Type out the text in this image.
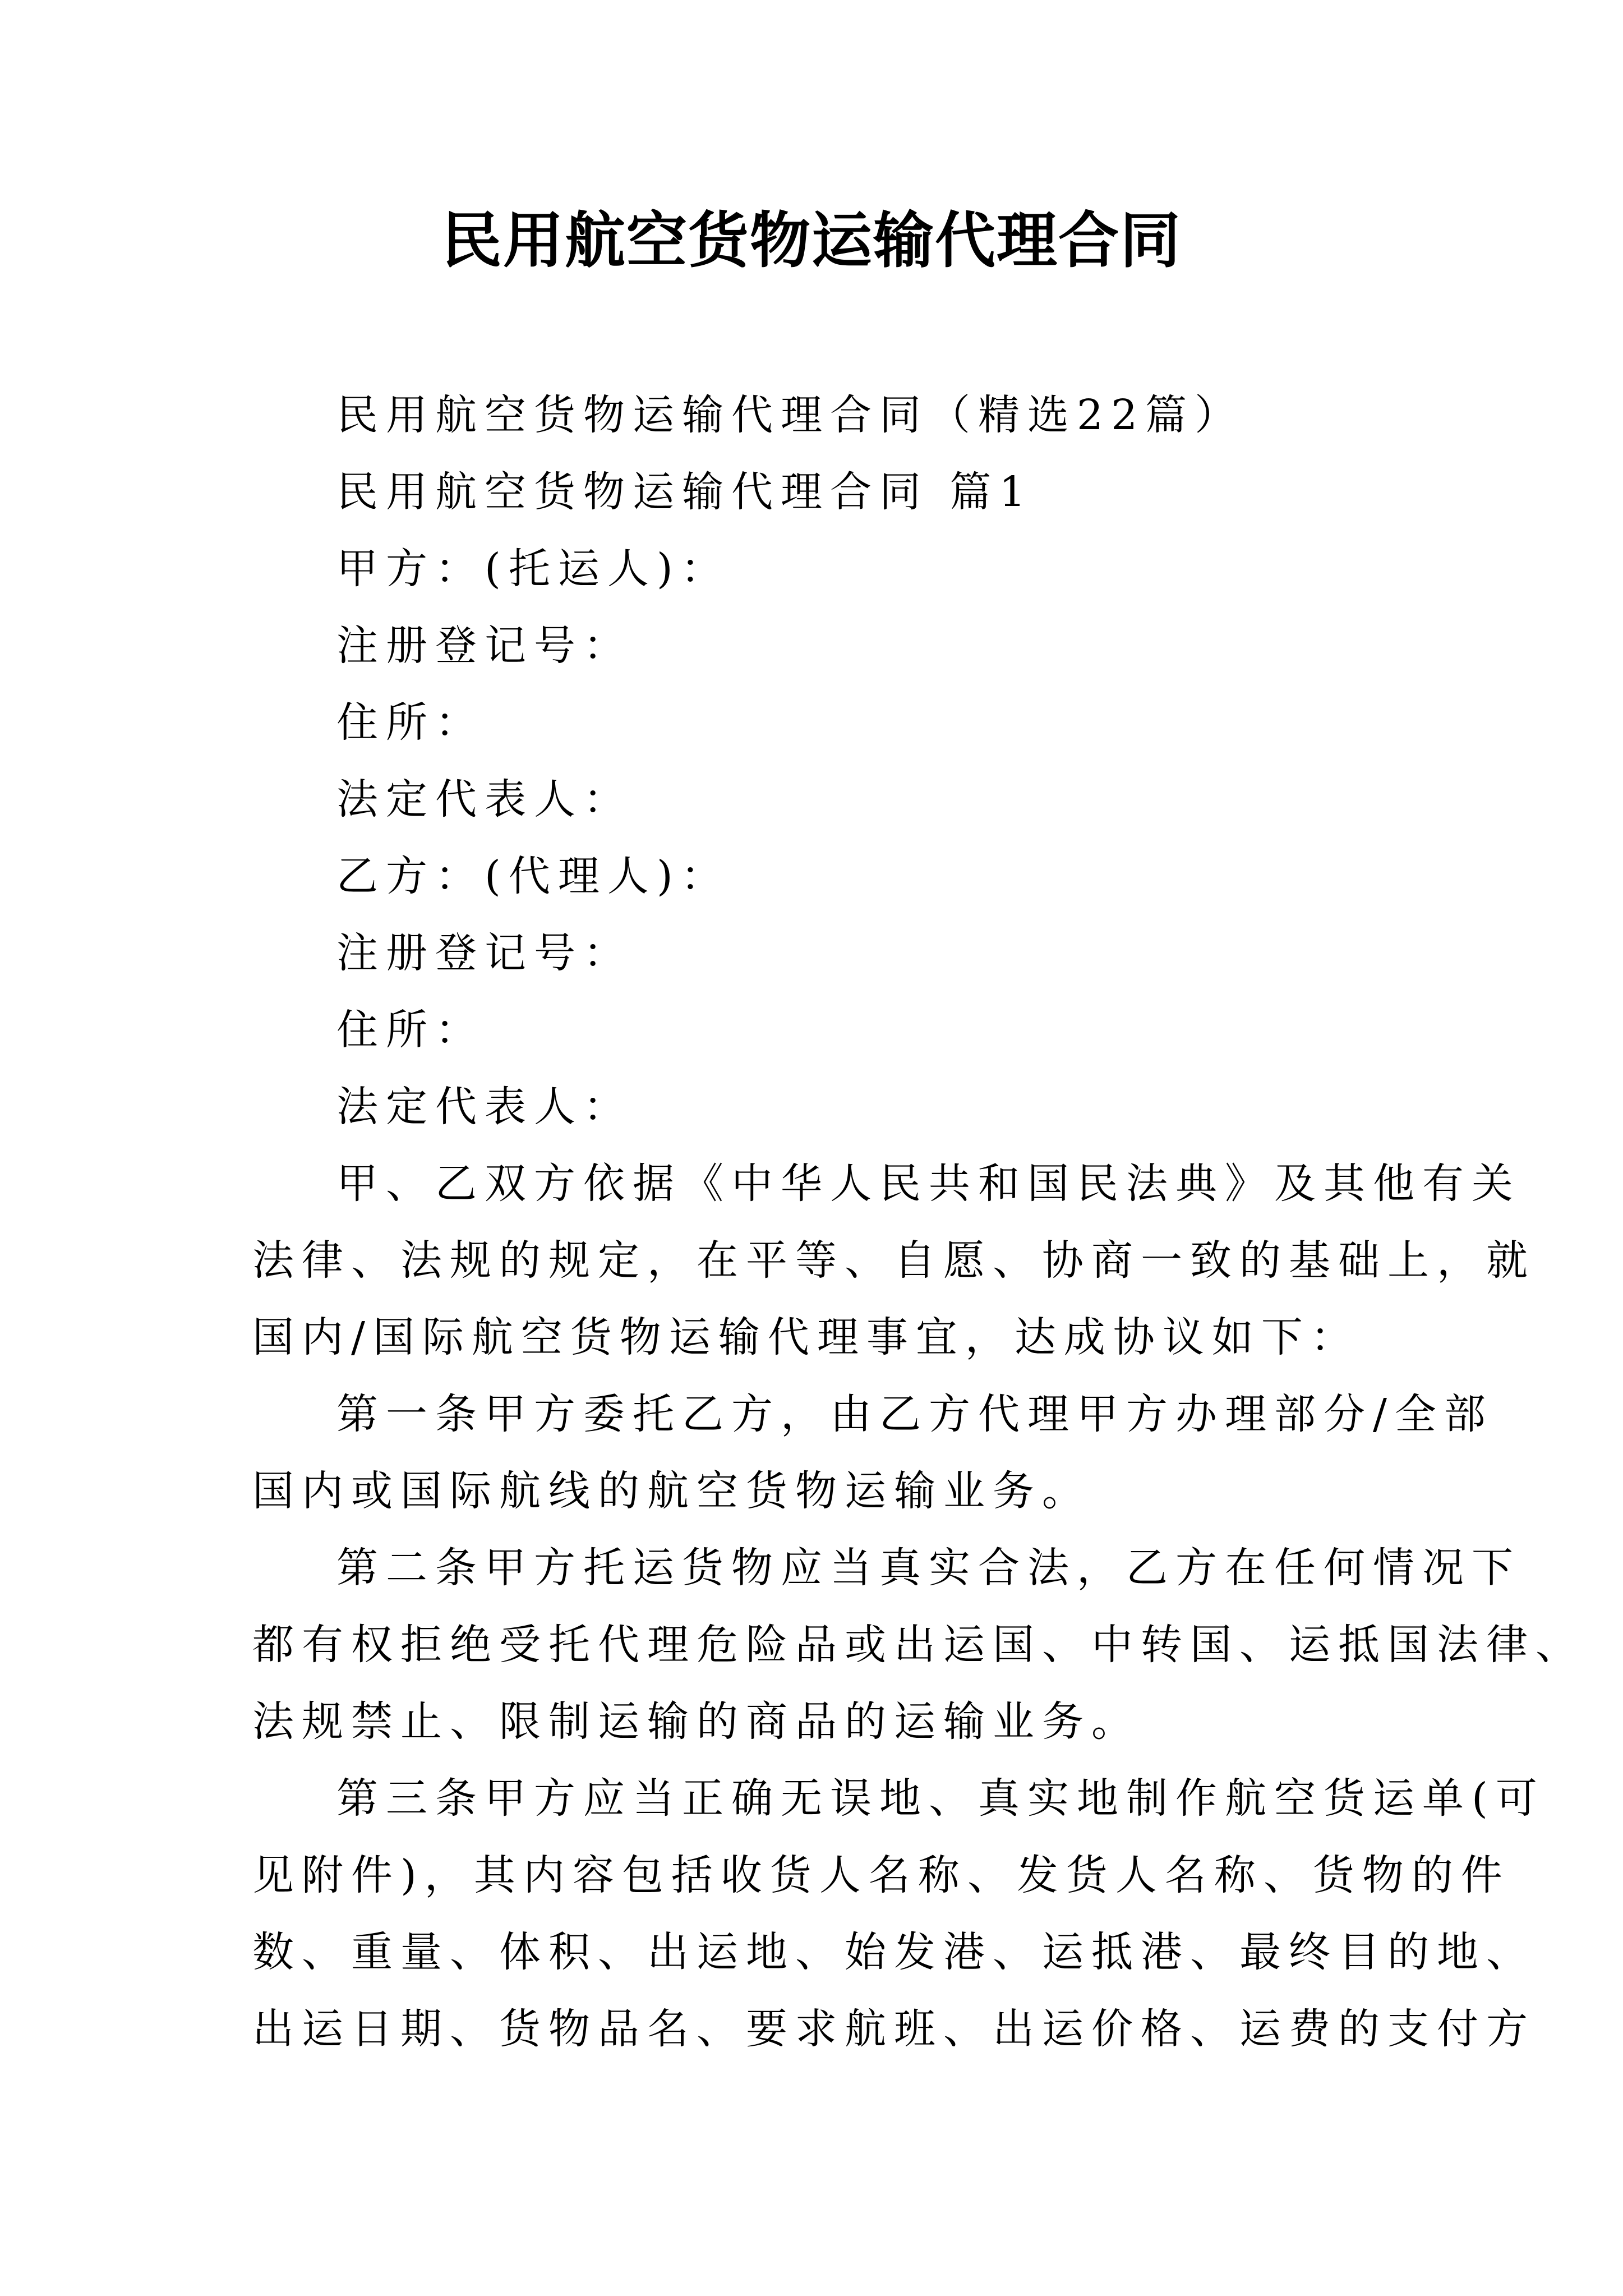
民用航空货物运输代理合同
民用航空货物运输代理合同（精选22篇）
民用航空货物运输代理合同 篇1
甲方：(托运人)：
注册登记号：
住所：
法定代表人：
乙方：(代理人)：
注册登记号：
住所：
法定代表人：
甲、乙双方依据《中华人民共和国民法典》及其他有关
法律、法规的规定，在平等、自愿、协商一致的基础上，就
国内/国际航空货物运输代理事宜，达成协议如下：
第一条甲方委托乙方，由乙方代理甲方办理部分/全部
国内或国际航线的航空货物运输业务。
第二条甲方托运货物应当真实合法，乙方在任何情况下
都有权拒绝受托代理危险品或出运国、中转国、运抵国法律、
法规禁止、限制运输的商品的运输业务。
第三条甲方应当正确无误地、真实地制作航空货运单(可
见附件)，其内容包括收货人名称、发货人名称、货物的件
数、重量、体积、出运地、始发港、运抵港、最终目的地、
出运日期、货物品名、要求航班、出运价格、运费的支付方
